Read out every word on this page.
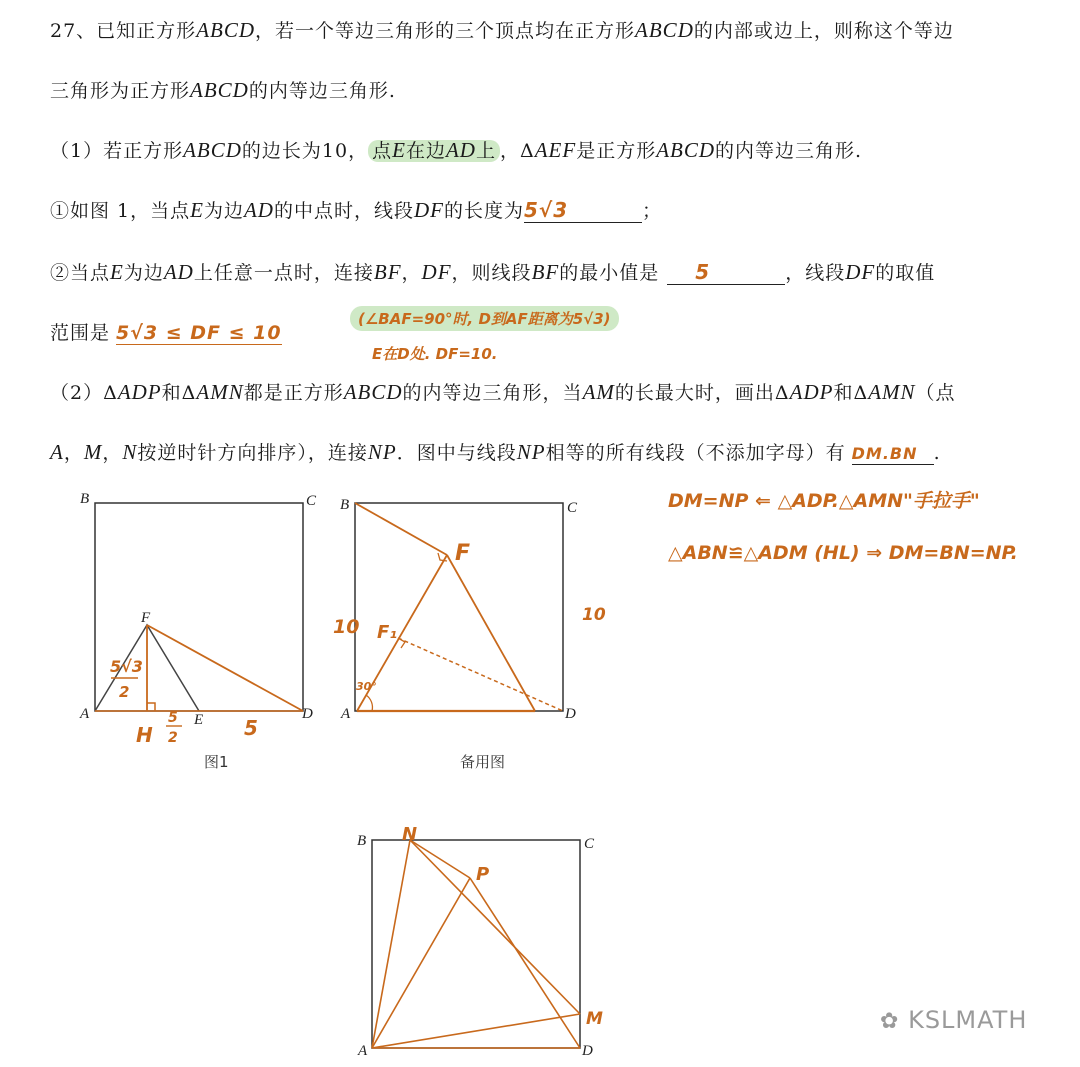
27、已知正方形ABCD，若一个等边三角形的三个顶点均在正方形ABCD的内部或边上，则称这个等边
三角形为正方形ABCD的内等边三角形.
（1）若正方形ABCD的边长为10， 点E在边AD上 ，ΔAEF是正方形ABCD的内等边三角形.
①如图 1，当点E为边AD的中点时，线段DF的长度为5√3	；
②当点E为边AD上任意一点时，连接BF，DF，则线段BF的最小值是 5	，线段DF的取值
范围是 5√3 ≤ DF ≤ 10
(∠BAF=90°时, D到AF距离为5√3)
E在D处. DF=10.
（2）ΔADP和ΔAMN都是正方形ABCD的内等边三角形，当AM的长最大时，画出ΔADP和ΔAMN（点
A，M，N按逆时针方向排序），连接NP．图中与线段NP相等的所有线段（不添加字母）有 DM.BN .
DM=NP ⇐ △ADP.△AMN"手拉手"
△ABN≌△ADM (HL) ⇒ DM=BN=NP.
B	C
A	D
F
E
5√3
2
H
5
2	5
图1
B	C
A	D
F
F₁
10
10
30°
备用图
B	C
A	D
N
P
M	✿ KSLMATH
